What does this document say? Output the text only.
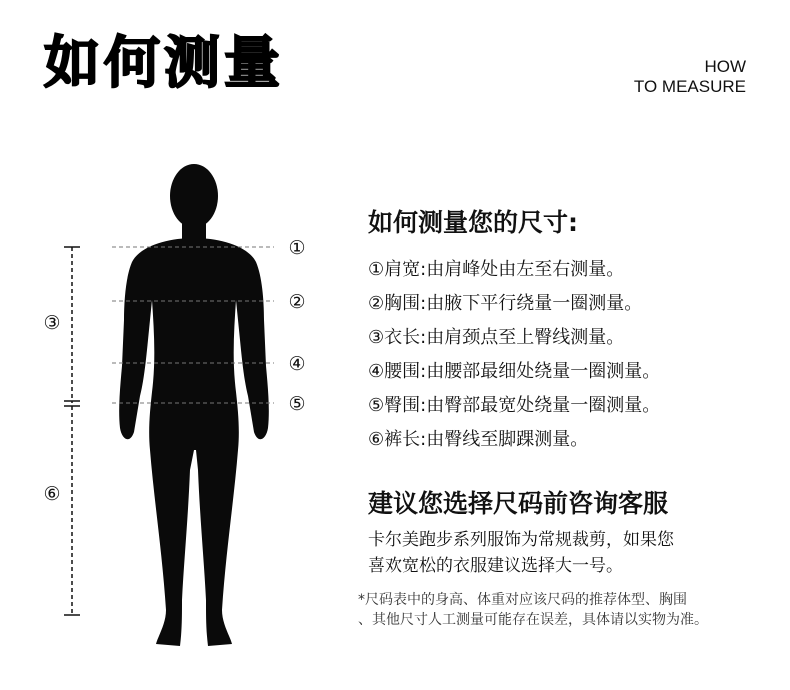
如何测量	HOW
TO MEASURE
①
②
③
④
⑤
⑥
如何测量您的尺寸:
①肩宽:由肩峰处由左至右测量。
②胸围:由腋下平行绕量一圈测量。
③衣长:由肩颈点至上臀线测量。
④腰围:由腰部最细处绕量一圈测量。
⑤臀围:由臀部最宽处绕量一圈测量。
⑥裤长:由臀线至脚踝测量。
建议您选择尺码前咨询客服
卡尔美跑步系列服饰为常规裁剪，如果您
喜欢宽松的衣服建议选择大一号。
*尺码表中的身高、体重对应该尺码的推荐体型、胸围
、其他尺寸人工测量可能存在误差，具体请以实物为准。
